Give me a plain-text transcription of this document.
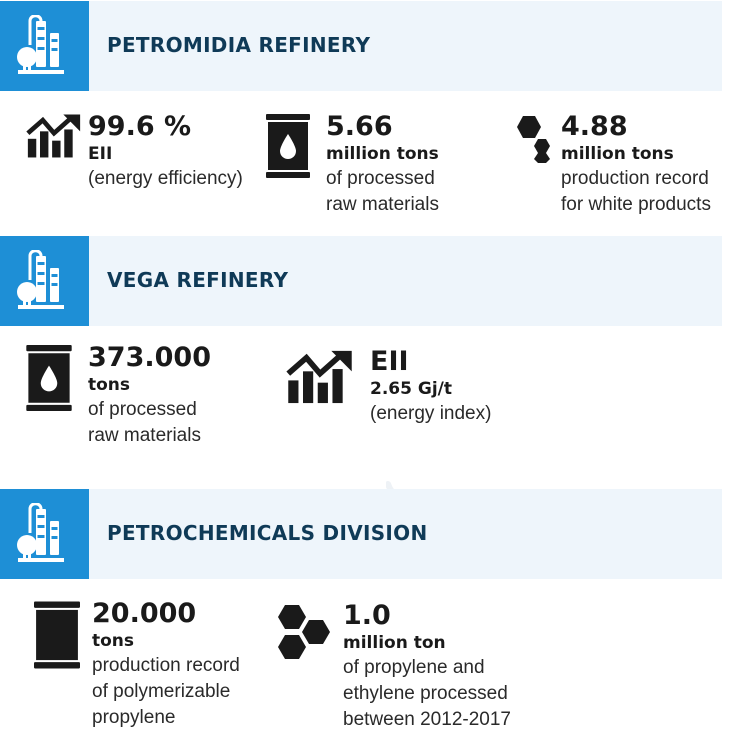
PETROMIDIA REFINERY
99.6 %
EII
(energy efficiency)
5.66
million tons
of processed
raw materials
4.88
million tons
production record
for white products
VEGA REFINERY
373.000
tons
of processed
raw materials
EII
2.65 Gj/t
(energy index)
PETROCHEMICALS DIVISION
20.000
tons
production record
of polymerizable
propylene
1.0
million ton
of propylene and
ethylene processed
between 2012-2017
